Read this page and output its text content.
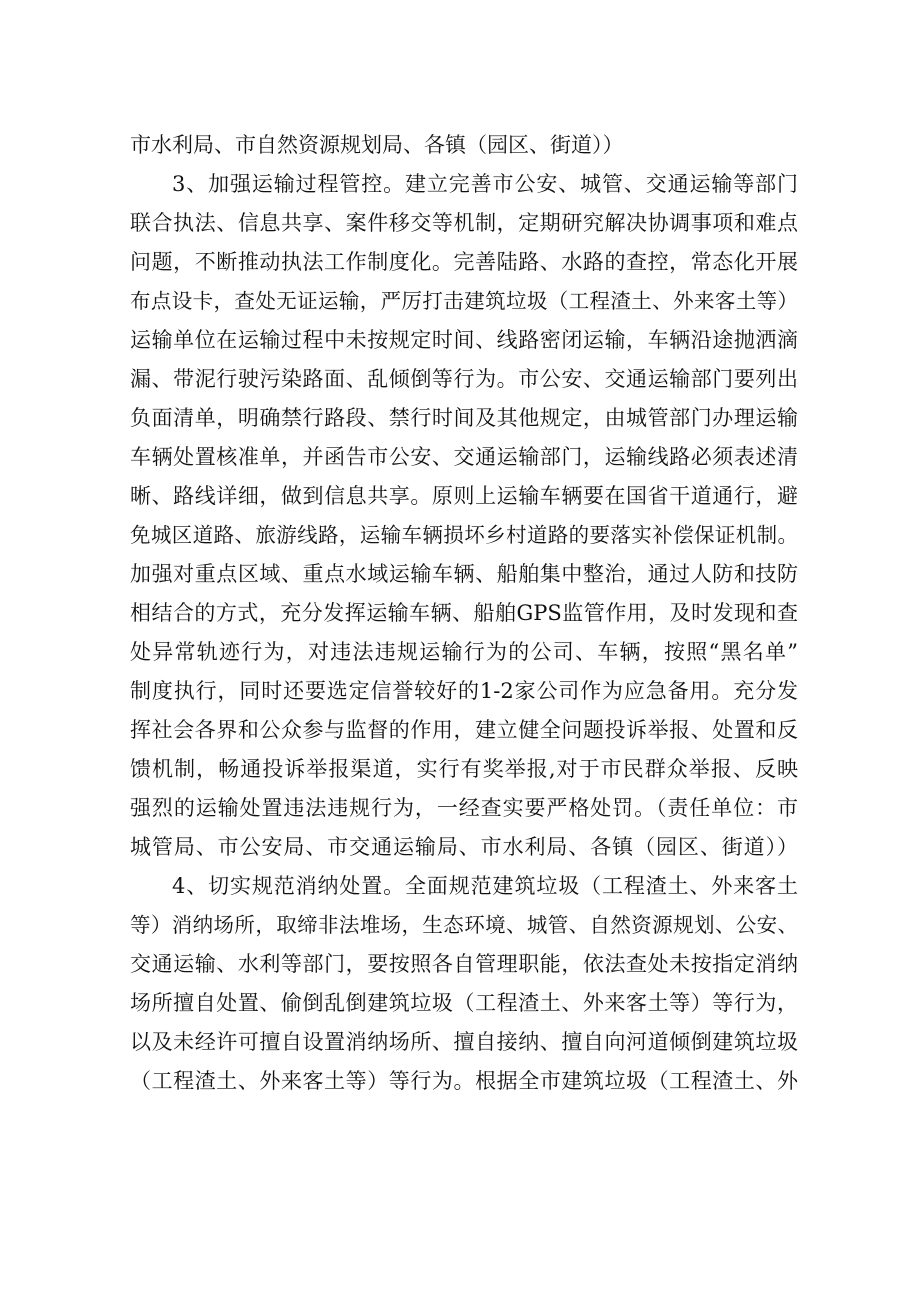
市水利局、市自然资源规划局、各镇（园区、街道））
3、加强运输过程管控。建立完善市公安、城管、交通运输等部门
联合执法、信息共享、案件移交等机制，定期研究解决协调事项和难点
问题，不断推动执法工作制度化。完善陆路、水路的查控，常态化开展
布点设卡，查处无证运输，严厉打击建筑垃圾（工程渣土、外来客土等）
运输单位在运输过程中未按规定时间、线路密闭运输，车辆沿途抛洒滴
漏、带泥行驶污染路面、乱倾倒等行为。市公安、交通运输部门要列出
负面清单，明确禁行路段、禁行时间及其他规定，由城管部门办理运输
车辆处置核准单，并函告市公安、交通运输部门，运输线路必须表述清
晰、路线详细，做到信息共享。原则上运输车辆要在国省干道通行，避
免城区道路、旅游线路，运输车辆损坏乡村道路的要落实补偿保证机制。
加强对重点区域、重点水域运输车辆、船舶集中整治，通过人防和技防
相结合的方式，充分发挥运输车辆、船舶GPS监管作用，及时发现和查
处异常轨迹行为，对违法违规运输行为的公司、车辆，按照“黑名单”
制度执行，同时还要选定信誉较好的1-2家公司作为应急备用。充分发
挥社会各界和公众参与监督的作用，建立健全问题投诉举报、处置和反
馈机制，畅通投诉举报渠道，实行有奖举报,对于市民群众举报、反映
强烈的运输处置违法违规行为，一经查实要严格处罚。（责任单位：市
城管局、市公安局、市交通运输局、市水利局、各镇（园区、街道））
4、切实规范消纳处置。全面规范建筑垃圾（工程渣土、外来客土
等）消纳场所，取缔非法堆场，生态环境、城管、自然资源规划、公安、
交通运输、水利等部门，要按照各自管理职能，依法查处未按指定消纳
场所擅自处置、偷倒乱倒建筑垃圾（工程渣土、外来客土等）等行为，
以及未经许可擅自设置消纳场所、擅自接纳、擅自向河道倾倒建筑垃圾
（工程渣土、外来客土等）等行为。根据全市建筑垃圾（工程渣土、外
